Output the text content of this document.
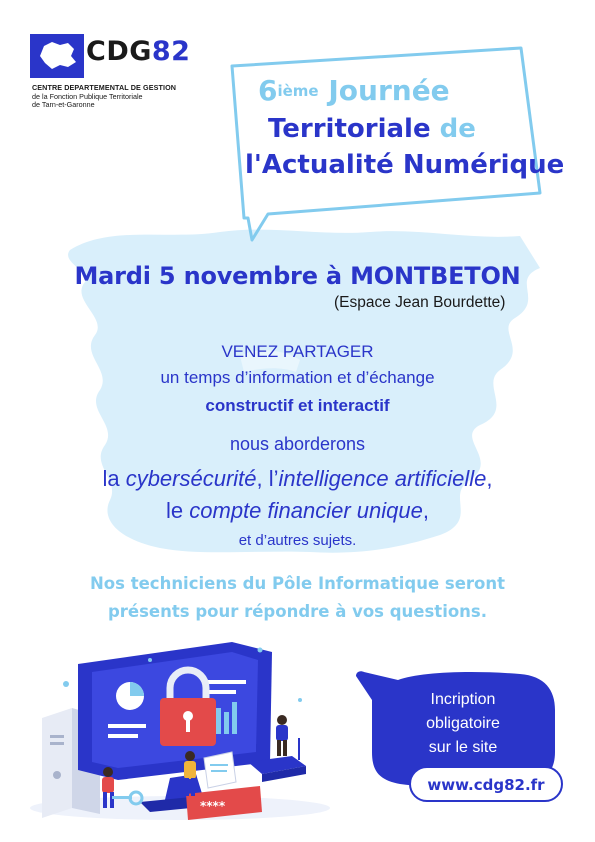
CDG82
CENTRE DEPARTEMENTAL DE GESTION
de la Fonction Publique Territoriale
de Tarn-et-Garonne	6ième Journée
Territoriale de
l'Actualité Numérique
Mardi 5 novembre à MONTBETON
(Espace Jean Bourdette)
VENEZ PARTAGER
un temps d’information et d’échange
constructif et interactif
nous aborderons
la cybersécurité, l’intelligence artificielle,
le compte financier unique,
et d’autres sujets.
Nos techniciens du Pôle Informatique seront
présents pour répondre à vos questions.
****
Incription
obligatoire
sur le site
www.cdg82.fr
